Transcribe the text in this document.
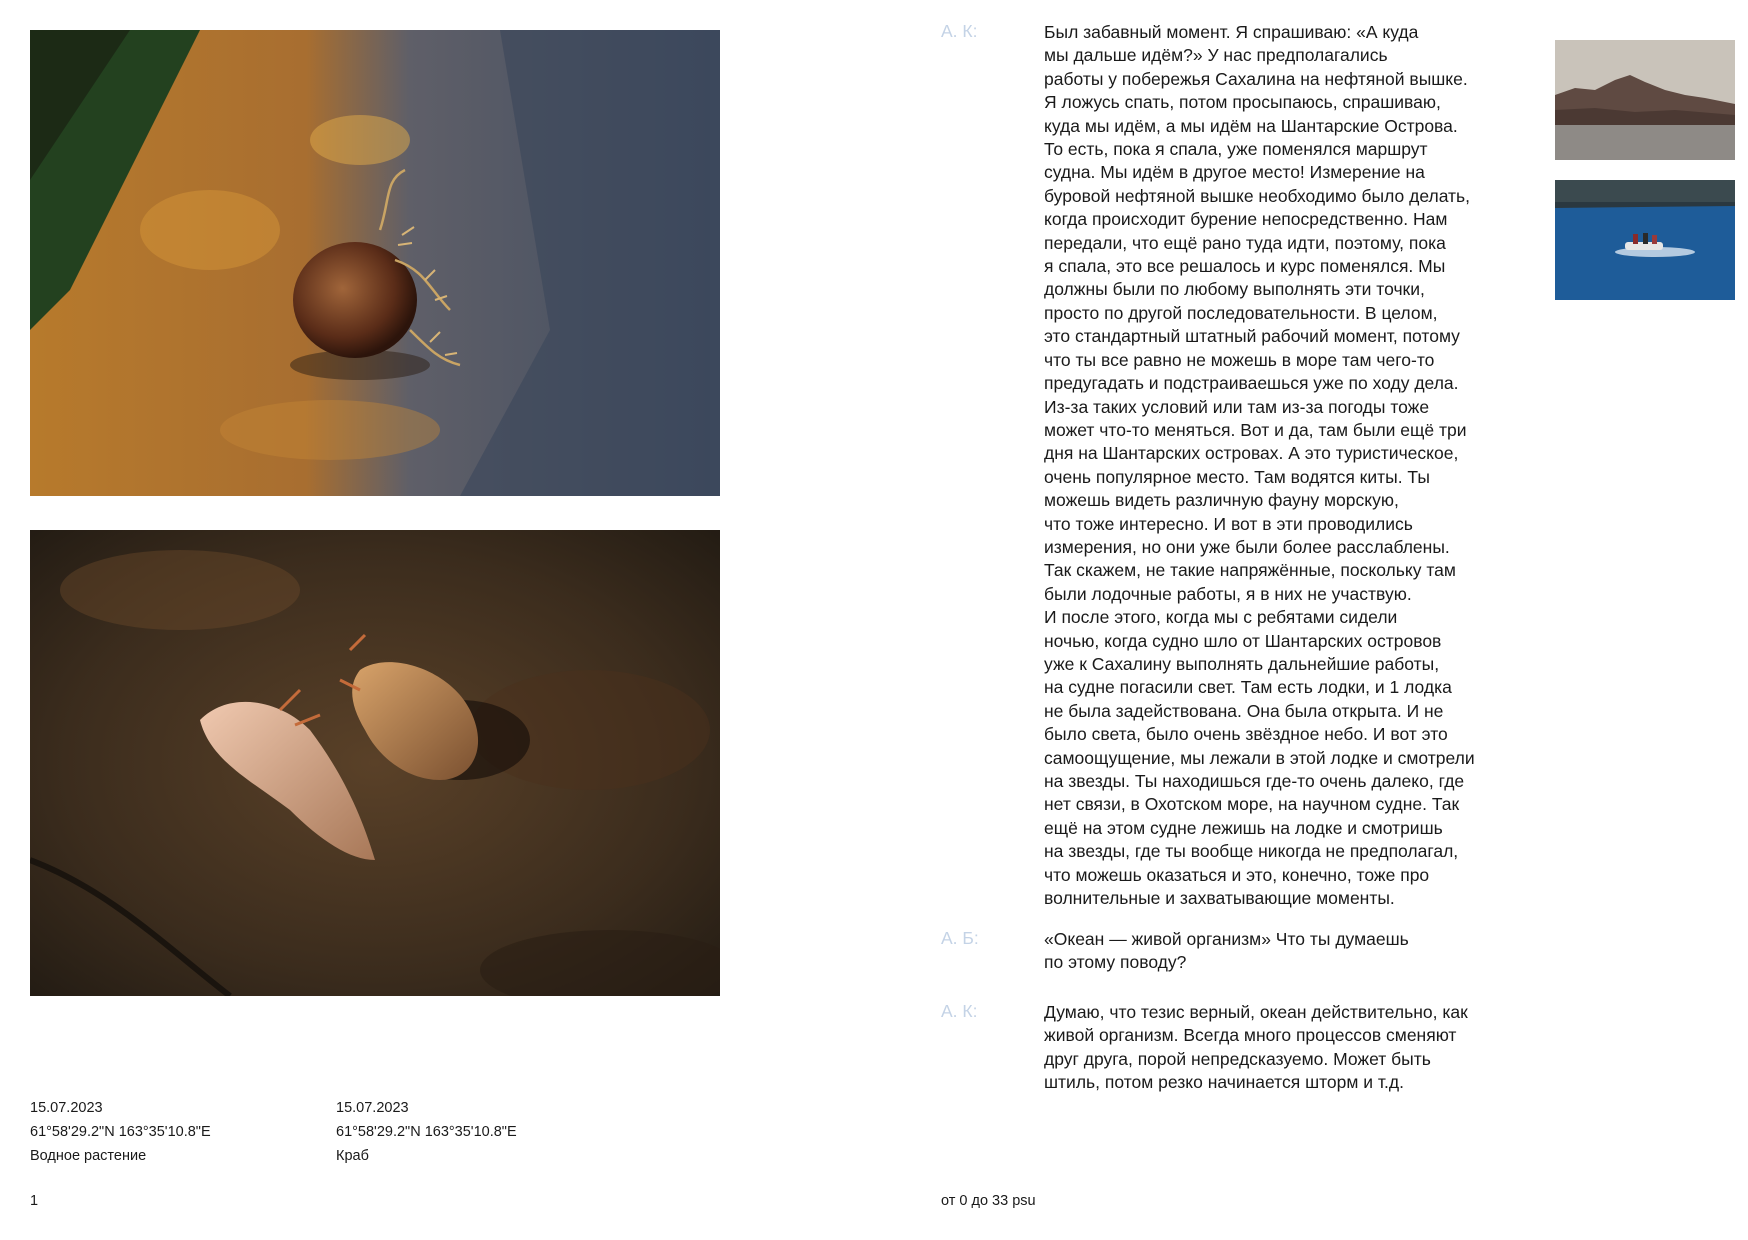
15.07.2023
61°58'29.2"N 163°35'10.8"E
Водное растение
15.07.2023
61°58'29.2"N 163°35'10.8"E
Краб
1	от 0 до 33 psu
А. К:	Был забавный момент. Я спрашиваю: «А куда
мы дальше идём?» У нас предполагались
работы у побережья Сахалина на нефтяной вышке.
Я ложусь спать, потом просыпаюсь, спрашиваю,
куда мы идём, а мы идём на Шантарские Острова.
То есть, пока я спала, уже поменялся маршрут
судна. Мы идём в другое место! Измерение на
буровой нефтяной вышке необходимо было делать,
когда происходит бурение непосредственно. Нам
передали, что ещё рано туда идти, поэтому, пока
я спала, это все решалось и курс поменялся. Мы
должны были по любому выполнять эти точки,
просто по другой последовательности. В целом,
это стандартный штатный рабочий момент, потому
что ты все равно не можешь в море там чего-то
предугадать и подстраиваешься уже по ходу дела.
Из-за таких условий или там из-за погоды тоже
может что-то меняться. Вот и да, там были ещё три
дня на Шантарских островах. А это туристическое,
очень популярное место. Там водятся киты. Ты
можешь видеть различную фауну морскую,
что тоже интересно. И вот в эти проводились
измерения, но они уже были более расслаблены.
Так скажем, не такие напряжённые, поскольку там
были лодочные работы, я в них не участвую.
И после этого, когда мы с ребятами сидели
ночью, когда судно шло от Шантарских островов
уже к Сахалину выполнять дальнейшие работы,
на судне погасили свет. Там есть лодки, и 1 лодка
не была задействована. Она была открыта. И не
было света, было очень звёздное небо. И вот это
самоощущение, мы лежали в этой лодке и смотрели
на звезды. Ты находишься где-то очень далеко, где
нет связи, в Охотском море, на научном судне. Так
ещё на этом судне лежишь на лодке и смотришь
на звезды, где ты вообще никогда не предполагал,
что можешь оказаться и это, конечно, тоже про
волнительные и захватывающие моменты.

А. Б:	«Океан — живой организм» Что ты думаешь
по этому поводу?

А. К:	Думаю, что тезис верный, океан действительно, как
живой организм. Всегда много процессов сменяют
друг друга, порой непредсказуемо. Может быть
штиль, потом резко начинается шторм и т.д.
